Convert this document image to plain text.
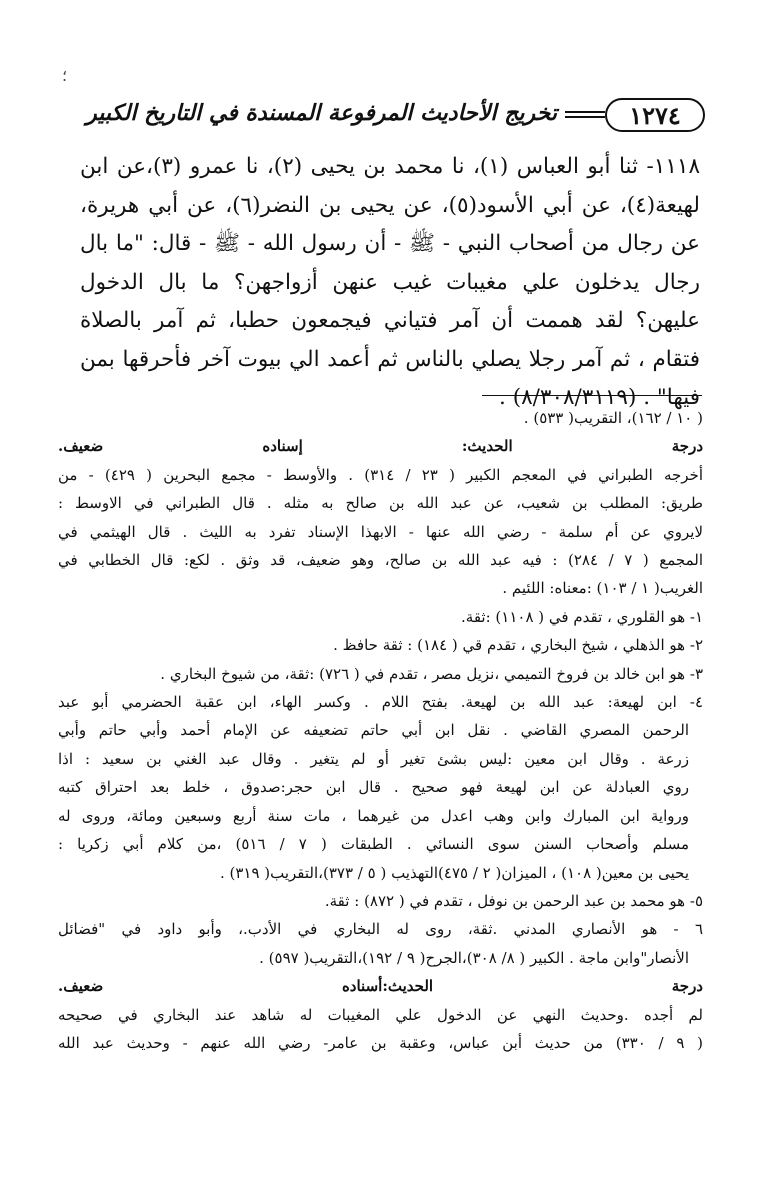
؛
١٢٧٤
تخريج الأحاديث المرفوعة المسندة في التاريخ الكبير

١١١٨- ثنا أبو العباس (١)، نا محمد بن يحيى (٢)، نا عمرو (٣)،عن ابن لهيعة(٤)، عن أبي الأسود(٥)، عن يحيى بن النضر(٦)، عن أبي هريرة، عن رجال من أصحاب النبي - ﷺ - أن رسول الله - ﷺ - قال: "ما بال رجال يدخلون علي مغيبات غيب عنهن أزواجهن؟ ما بال الدخول عليهن؟ لقد هممت أن آمر فتياني فيجمعون حطبا، ثم آمر بالصلاة فتقام ، ثم آمر رجلا يصلي بالناس ثم أعمد الي بيوت آخر فأحرقها بمن فيها" . (٨/٣٠٨/٣١١٩) .

( ١٠ / ١٦٢)، التقريب( ٥٣٣) .
درجة الحديث: إسناده ضعيف.
أخرجه الطبراني في المعجم الكبير ( ٢٣ / ٣١٤) . والأوسط - مجمع البحرين ( ٤٢٩) - من
طريق: المطلب بن شعيب، عن عبد الله بن صالح به مثله . قال الطبراني في الاوسط :
لايروي عن أم سلمة - رضي الله عنها - الابهذا الإسناد تفرد به الليث . قال الهيثمي في
المجمع ( ٧ / ٢٨٤) : فيه عبد الله بن صالح، وهو ضعيف، قد وثق . لكع: قال الخطابي في
الغريب( ١ / ١٠٣) :معناه: اللئيم .
١- هو القلوري ، تقدم في ( ١١٠٨) :ثقة.
٢- هو الذهلي ، شيخ البخاري ، تقدم قي ( ١٨٤) : ثقة حافظ .
٣- هو ابن خالد بن فروخ التميمي ،نزيل مصر ، تقدم في ( ٧٢٦) :ثقة، من شيوخ البخاري .
٤- ابن لهيعة: عبد الله بن لهيعة. بفتح اللام . وكسر الهاء، ابن عقبة الحضرمي أبو عبد
الرحمن المصري القاضي . نقل ابن أبي حاتم تضعيفه عن الإمام أحمد وأبي حاتم وأبي
زرعة . وقال ابن معين :ليس بشئ تغير أو لم يتغير . وقال عبد الغني بن سعيد : اذا
روي العبادلة عن ابن لهيعة فهو صحيح . قال ابن حجر:صدوق ، خلط بعد احتراق كتبه
ورواية ابن المبارك وابن وهب اعدل من غيرهما ، مات سنة أربع وسبعين ومائة، وروى له
مسلم وأصحاب السنن سوى النسائي . الطبقات ( ٧ / ٥١٦) ،من كلام أبي زكريا :
يحيى بن معين( ١٠٨) ، الميزان( ٢ / ٤٧٥)التهذيب ( ٥ / ٣٧٣)،التقريب( ٣١٩) .
٥- هو محمد بن عبد الرحمن بن نوفل ، تقدم في ( ٨٧٢) : ثقة.
٦ - هو الأنصاري المدني .ثقة، روى له البخاري في الأدب.، وأبو داود في "فضائل
الأنصار"وابن ماجة . الكبير ( ٨/ ٣٠٨)،الجرح( ٩ / ١٩٢)،التقريب( ٥٩٧) .
درجة الحديث:أسناده ضعيف.
لم أجده .وحديث النهي عن الدخول علي المغيبات له شاهد عند البخاري في صحيحه
( ٩ / ٣٣٠) من حديث أبن عباس، وعقبة بن عامر- رضي الله عنهم - وحديث عبد الله
